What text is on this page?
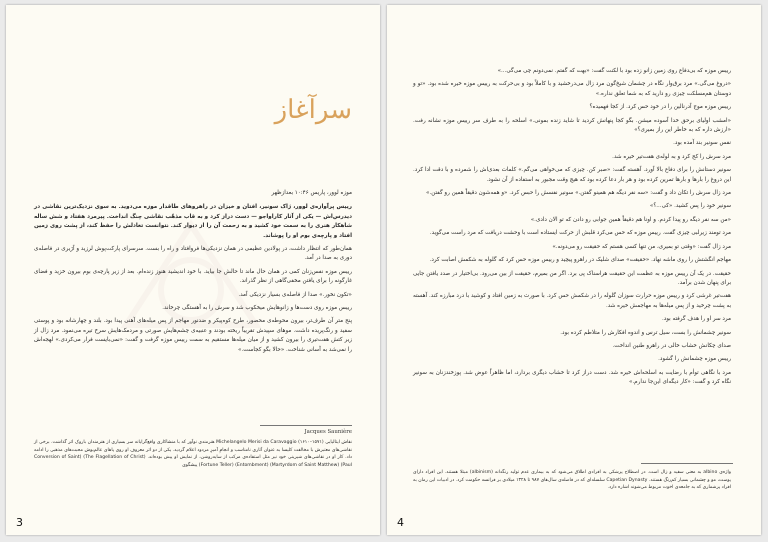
سرآغاز

موزه لوور، پاریس ۱۰:۴۶ بعدازظهر

رییس پرآوازه‌ی لوور، ژاک سونیر، افتان و خیزان در راهروهای طاقدار موزه می‌دوید. به سوی نزدیک‌ترین نقاشی در دیدرس‌اش — یکی از آثار کاراواجو — دست دراز کرد و به قاب مذهّب نقاشی چنگ انداخت. پیرمرد هفتاد و شش ساله شاهکار هنری را به سمت خود کشید و به زحمت آن را از دیوار کند. نتوانست تعادلش را حفظ کند، از پشت روی زمین افتاد و پارچه‌ی بوم او را پوشاند.

همان‌طور که انتظار داشت، در پولادین عظیمی در همان نزدیکی‌ها فروافتاد و راه را بست. سرسرای پارکت‌پوش لرزید و آژیری در فاصله‌ی دوری به صدا در آمد.

رییس موزه نفس‌زنان کمی در همان حال ماند تا حالش جا بیاید. با خود اندیشید هنوز زنده‌ام. بعد از زیر پارچه‌ی بوم بیرون خزید و فضای غارگونه را برای یافتن مخفی‌گاهی از نظر گذراند.

«تکون نخور.» صدا از فاصله‌ی بسیار نزدیکی آمد.

رییس موزه روی دست‌ها و زانوهایش میخکوب شد و سرش را به آهستگی چرخاند.

پنج متر آن طرف‌تر، بیرون محوطه‌ی محصور، طرح کوه‌پیکر و ضدنور مهاجم از پس میله‌های آهنی پیدا بود. بلند و چهارشانه بود و پوستی سفید و رنگ‌پریده داشت. موهای سپیدش تقریباً ریخته بودند و عنبیه‌ی چشم‌هایش صورتی و مردمک‌هایش سرخ تیره می‌نمود. مرد زال از زیر کتش هفت‌تیری را بیرون کشید و از میان میله‌ها مستقیم به سمت رییس موزه گرفت و گفت: «نمی‌بایست فرار می‌کردی.» لهجه‌اش را نمی‌شد به آسانی شناخت. «حالا بگو کجاست.»

Jacques Saunière
نقاش ایتالیایی (۱۵۷۱–۱۶۱۰) Michelangelo Merisi da Caravaggio هنرمندی نوآور که با منشاکاری واقع‌گرایانه سر بسیاری از هنرمندان باروک اثر گذاشت. برخی از نقاشی‌های معتبرش با مخالفت کلیسا به عنوان آثاری نامناسب و انجامِ آمیزِ مردود اعلام گردید. یکی از دو اثر معروف او روی پاهای عالم‌پوش محبت‌های مذهبی را ادامه داد. کار او در نقاشی‌های شیرینی خود نیز مثل استفاده‌ی مرکب از سایه‌روشن، از نمایش او پیش بوده‌اند. (The Flagellation of Christ) (Conversion of Saint Paul) (Martyrdom of Saint Matthew) (Entombment) (Fortune Teller) پیشگوی
3

رییس موزه که بی‌دفاع روی زمین زانو زده بود با لکنت گفت: «بهت که گفتم. نمی‌دونم چی می‌گی...»

«دروغ می‌گی.» مرد برق‌وار نگاه در چشمان شیخ‌گون مرد زال می‌درخشید و با کاملاً بود و بی‌حرکت به رییس موزه خیره شده بود. «تو و دوستان هم‌مسلکت چیزی رو دارید که به شما تعلق نداره.»

رییس موزه موج آدرنالین را در خود حس کرد. از کجا فهمیده؟

«امشب اولیای برحق خدا آسوده میشن. بگو کجا پنهانش کردید تا شاید زنده بمونی.» اسلحه را به طرف سر رییس موزه نشانه رفت. «ارزش داره که به خاطر این راز بمیری؟»

نفس سونیر بند آمده بود.

مرد سرش را کج کرد و به لوله‌ی هفت‌تیر خیره شد.

سونیر دستانش را برای دفاع بالا آورد. آهسته گفت: «صبر کن. چیزی که می‌خواهی می‌گم.» کلمات بعدی‌اش را شمرده و با دقت ادا کرد. این دروغ را بارها و بارها تمرین کرده بود و هر بار دعا کرده بود که هیچ وقت مجبور به استفاده از آن نشود.

مرد زال سرش را تکان داد و گفت: «سه نفر دیگه هم همینو گفتن.» سونیر نفسش را حبس کرد. «و همه‌شون دقیقاً همین رو گفتن.»

سونیر خود را پس کشید. «کی...؟»

«من سه نفر دیگه رو پیدا کردم. و اونا هم دقیقاً همین جوابی رو دادن که تو الان دادی.»

مرد تومند زیرلبی چیزی گفت. رییس موزه که حس می‌کرد قلبش از حرکت ایستاده است با وحشت دریافت که مرد راست می‌گوید.

مرد زال گفت: «وقتی تو بمیری، من تنها کسی هستم که حقیقت رو می‌دونه.»

مهاجم انگشتش را روی ماشه نهاد. «حقیقت» صدای شلیک در راهرو پیچید و رییس موزه حس کرد که گلوله به شکمش اصابت کرد.

حقیقت. در یک آن رییس موزه به عظمت این حقیقت هراسناک پی برد. اگر من بمیرم، حقیقت از بین می‌رود. بی‌اختیار در صدد یافتن جایی برای پنهان شدن برآمد.

هفت‌تیر غرشی کرد و رییس موزه حرارت سوزان گلوله را در شکمش حس کرد. با صورت به زمین افتاد و کوشید با درد مبارزه کند. آهسته به پشت چرخید و از پس میله‌ها به مهاجمش خیره شد.

مرد سر او را هدف گرفته بود.

سونیر چشمانش را بست، سیل ترس و اندوه افکارش را متلاطم کرده بود.

صدای چکانش خشاب خالی در راهرو طنین انداخت.

رییس موزه چشمانش را گشود.

مرد با نگاهی توأم با رضایت به اسلحه‌اش خیره شد. دست دراز کرد تا خشاب دیگری بردارد، اما ظاهراً عوض شد. پوزخندزنان به سونیر نگاه کرد و گفت: «کار دیگه‌ای این‌جا ندارم.»

واژه‌ی albino به معنی سفید و زال است. در اصطلاح پزشکی به افرادی اطلاق می‌شود که به بیماری عدم تولید رنگدانه (albinism) مبتلا هستند. این افراد دارای پوست، مو و چشمانی بسیار کم‌رنگ هستند. Capetian Dynasty سلسله‌ای که در فاصله‌ی سال‌های ۹۸۷ تا ۱۳۲۸ میلادی بر فرانسه حکومت کرد. در ادبیات این رمان به افراد پرشماری که به جامعه‌ی اخوت مربوط می‌شوند اشاره دارد.
4
